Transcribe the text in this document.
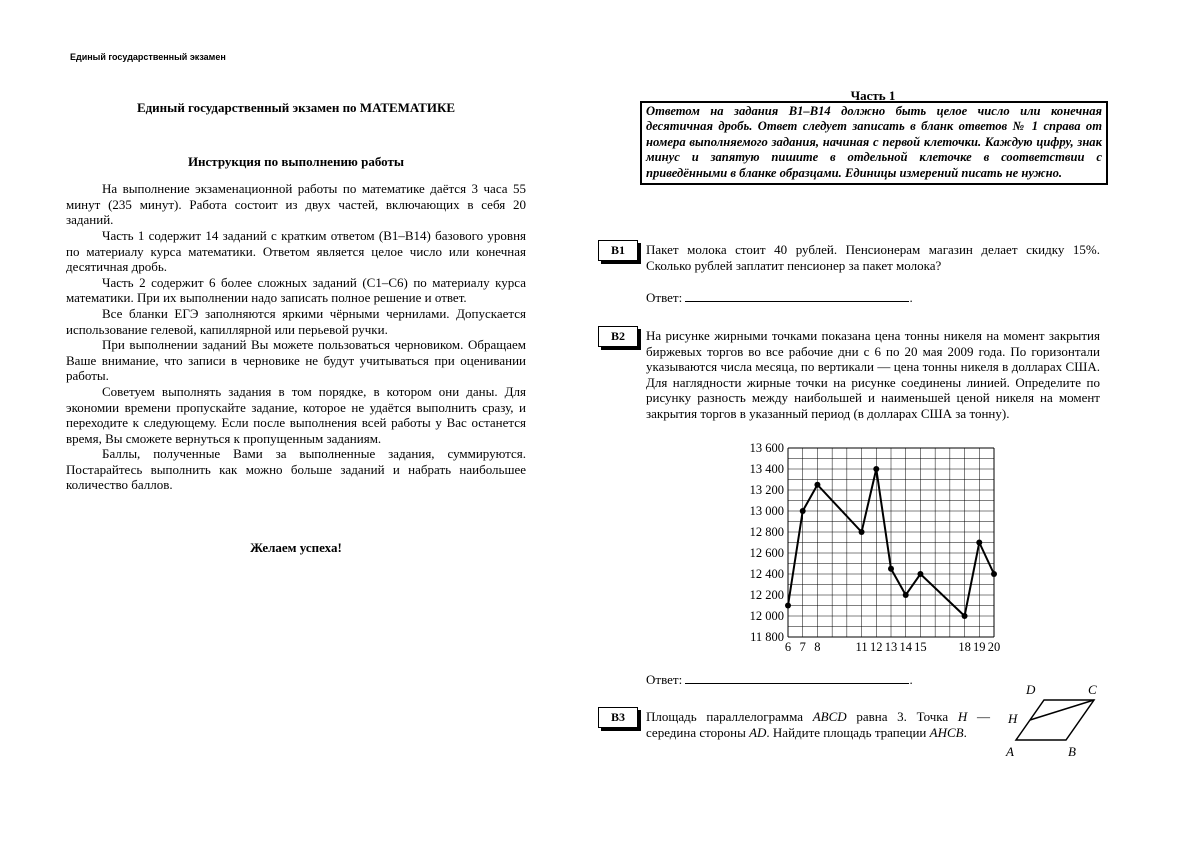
Единый государственный экзамен
Единый государственный экзамен по МАТЕМАТИКЕ
Инструкция по выполнению работы

На выполнение экзаменационной работы по математике даётся 3 часа 55 минут (235 минут). Работа состоит из двух частей, включающих в себя 20 заданий.

Часть 1 содержит 14 заданий с кратким ответом (B1–B14) базового уровня по материалу курса математики. Ответом является целое число или конечная десятичная дробь.

Часть 2 содержит 6 более сложных заданий (C1–C6) по материалу курса математики. При их выполнении надо записать полное решение и ответ.

Все бланки ЕГЭ заполняются яркими чёрными чернилами. Допускается использование гелевой, капиллярной или перьевой ручки.

При выполнении заданий Вы можете пользоваться черновиком. Обращаем Ваше внимание, что записи в черновике не будут учитываться при оценивании работы.

Советуем выполнять задания в том порядке, в котором они даны. Для экономии времени пропускайте задание, которое не удаётся выполнить сразу, и переходите к следующему. Если после выполнения всей работы у Вас останется время, Вы сможете вернуться к пропущенным заданиям.

Баллы, полученные Вами за выполненные задания, суммируются. Постарайтесь выполнить как можно больше заданий и набрать наибольшее количество баллов.

Желаем успеха!
Часть 1
Ответом на задания B1–B14 должно быть целое число или конечная десятичная дробь. Ответ следует записать в бланк ответов № 1 справа от номера выполняемого задания, начиная с первой клеточки. Каждую цифру, знак минус и запятую пишите в отдельной клеточке в соответствии с приведёнными в бланке образцами. Единицы измерений писать не нужно.
B1	Пакет молока стоит 40 рублей. Пенсионерам магазин делает скидку 15%. Сколько рублей заплатит пенсионер за пакет молока?
Ответ:	.
B2	На рисунке жирными точками показана цена тонны никеля на момент закрытия биржевых торгов во все рабочие дни с 6 по 20 мая 2009 года. По горизонтали указываются числа месяца, по вертикали — цена тонны никеля в долларах США. Для наглядности жирные точки на рисунке соединены линией. Определите по рисунку разность между наибольшей и наименьшей ценой никеля на момент закрытия торгов в указанный период (в долларах США за тонну).
11 800
12 000
12 200
12 400
12 600
12 800
13 000
13 200
13 400
13 600
6 7 8	11 12 13 14 15	18 19 20
Ответ:	.
B3	Площадь параллелограмма ABCD равна 3. Точка H — середина стороны AD. Найдите площадь трапеции AHCB.
D	C
H
A	B
